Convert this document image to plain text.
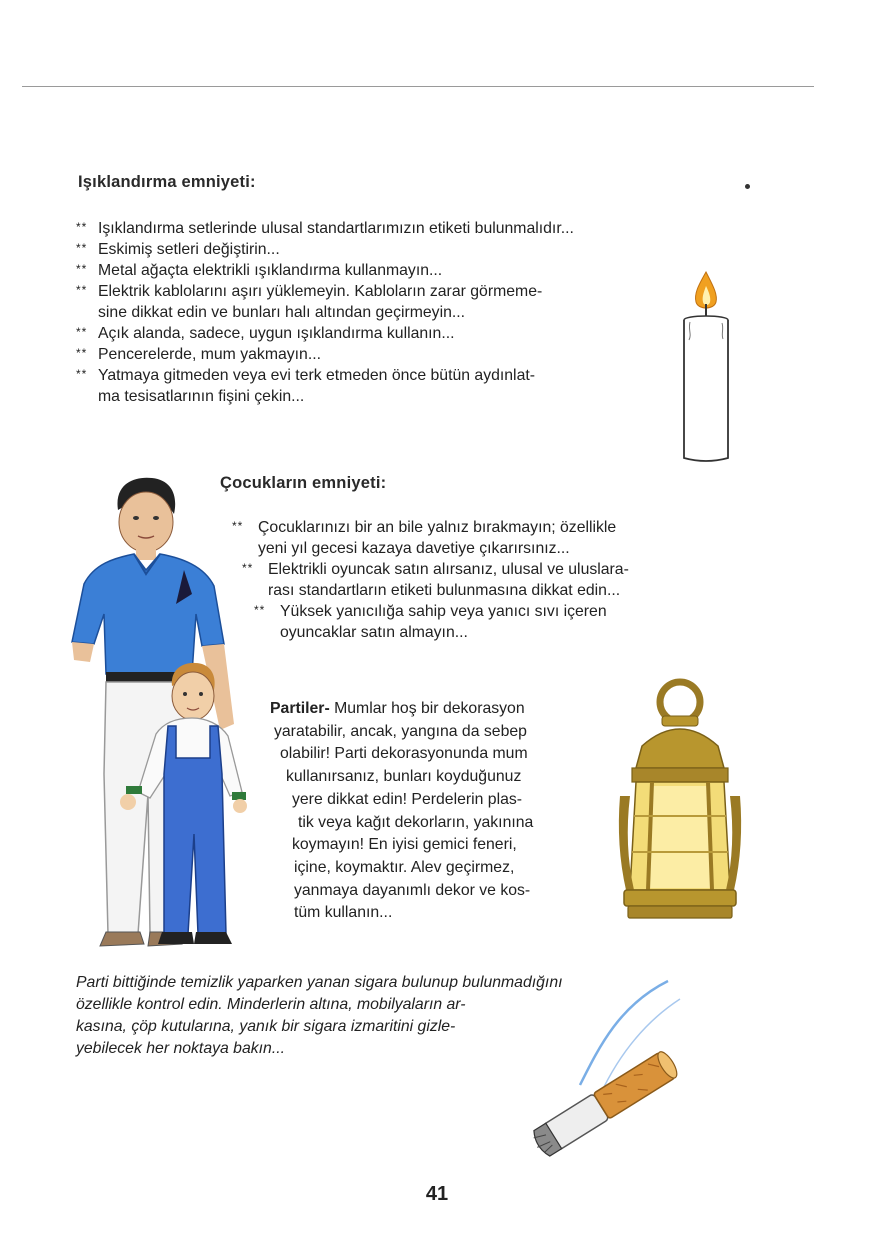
Işıklandırma emniyeti:
** Işıklandırma setlerinde ulusal standartlarımızın etiketi bulunmalıdır...
** Eskimiş setleri değiştirin...
** Metal ağaçta elektrikli ışıklandırma kullanmayın...
** Elektrik kablolarını aşırı yüklemeyin. Kabloların zarar görmeme-
sine dikkat edin ve bunları halı altından geçirmeyin...
** Açık alanda, sadece, uygun ışıklandırma kullanın...
** Pencerelerde, mum yakmayın...
** Yatmaya gitmeden veya evi terk etmeden önce bütün aydınlat-
ma tesisatlarının fişini çekin...
Çocukların emniyeti:
** Çocuklarınızı bir an bile yalnız bırakmayın; özellikle
yeni yıl gecesi kazaya davetiye çıkarırsınız...
** Elektrikli oyuncak satın alırsanız, ulusal ve uluslara-
rası standartların etiketi bulunmasına dikkat edin...
** Yüksek yanıcılığa sahip veya yanıcı sıvı içeren
oyuncaklar satın almayın...
Partiler- Mumlar hoş bir dekorasyon
yaratabilir, ancak, yangına da sebep
olabilir! Parti dekorasyonunda mum
kullanırsanız, bunları koyduğunuz
yere dikkat edin! Perdelerin plas-
tik veya kağıt dekorların, yakınına
koymayın! En iyisi gemici feneri,
içine, koymaktır. Alev geçirmez,
yanmaya dayanımlı dekor ve kos-
tüm kullanın...
Parti bittiğinde temizlik yaparken yanan sigara bulunup bulunmadığını
özellikle kontrol edin. Minderlerin altına, mobilyaların ar-
kasına, çöp kutularına, yanık bir sigara izmaritini gizle-
yebilecek her noktaya bakın...
41
